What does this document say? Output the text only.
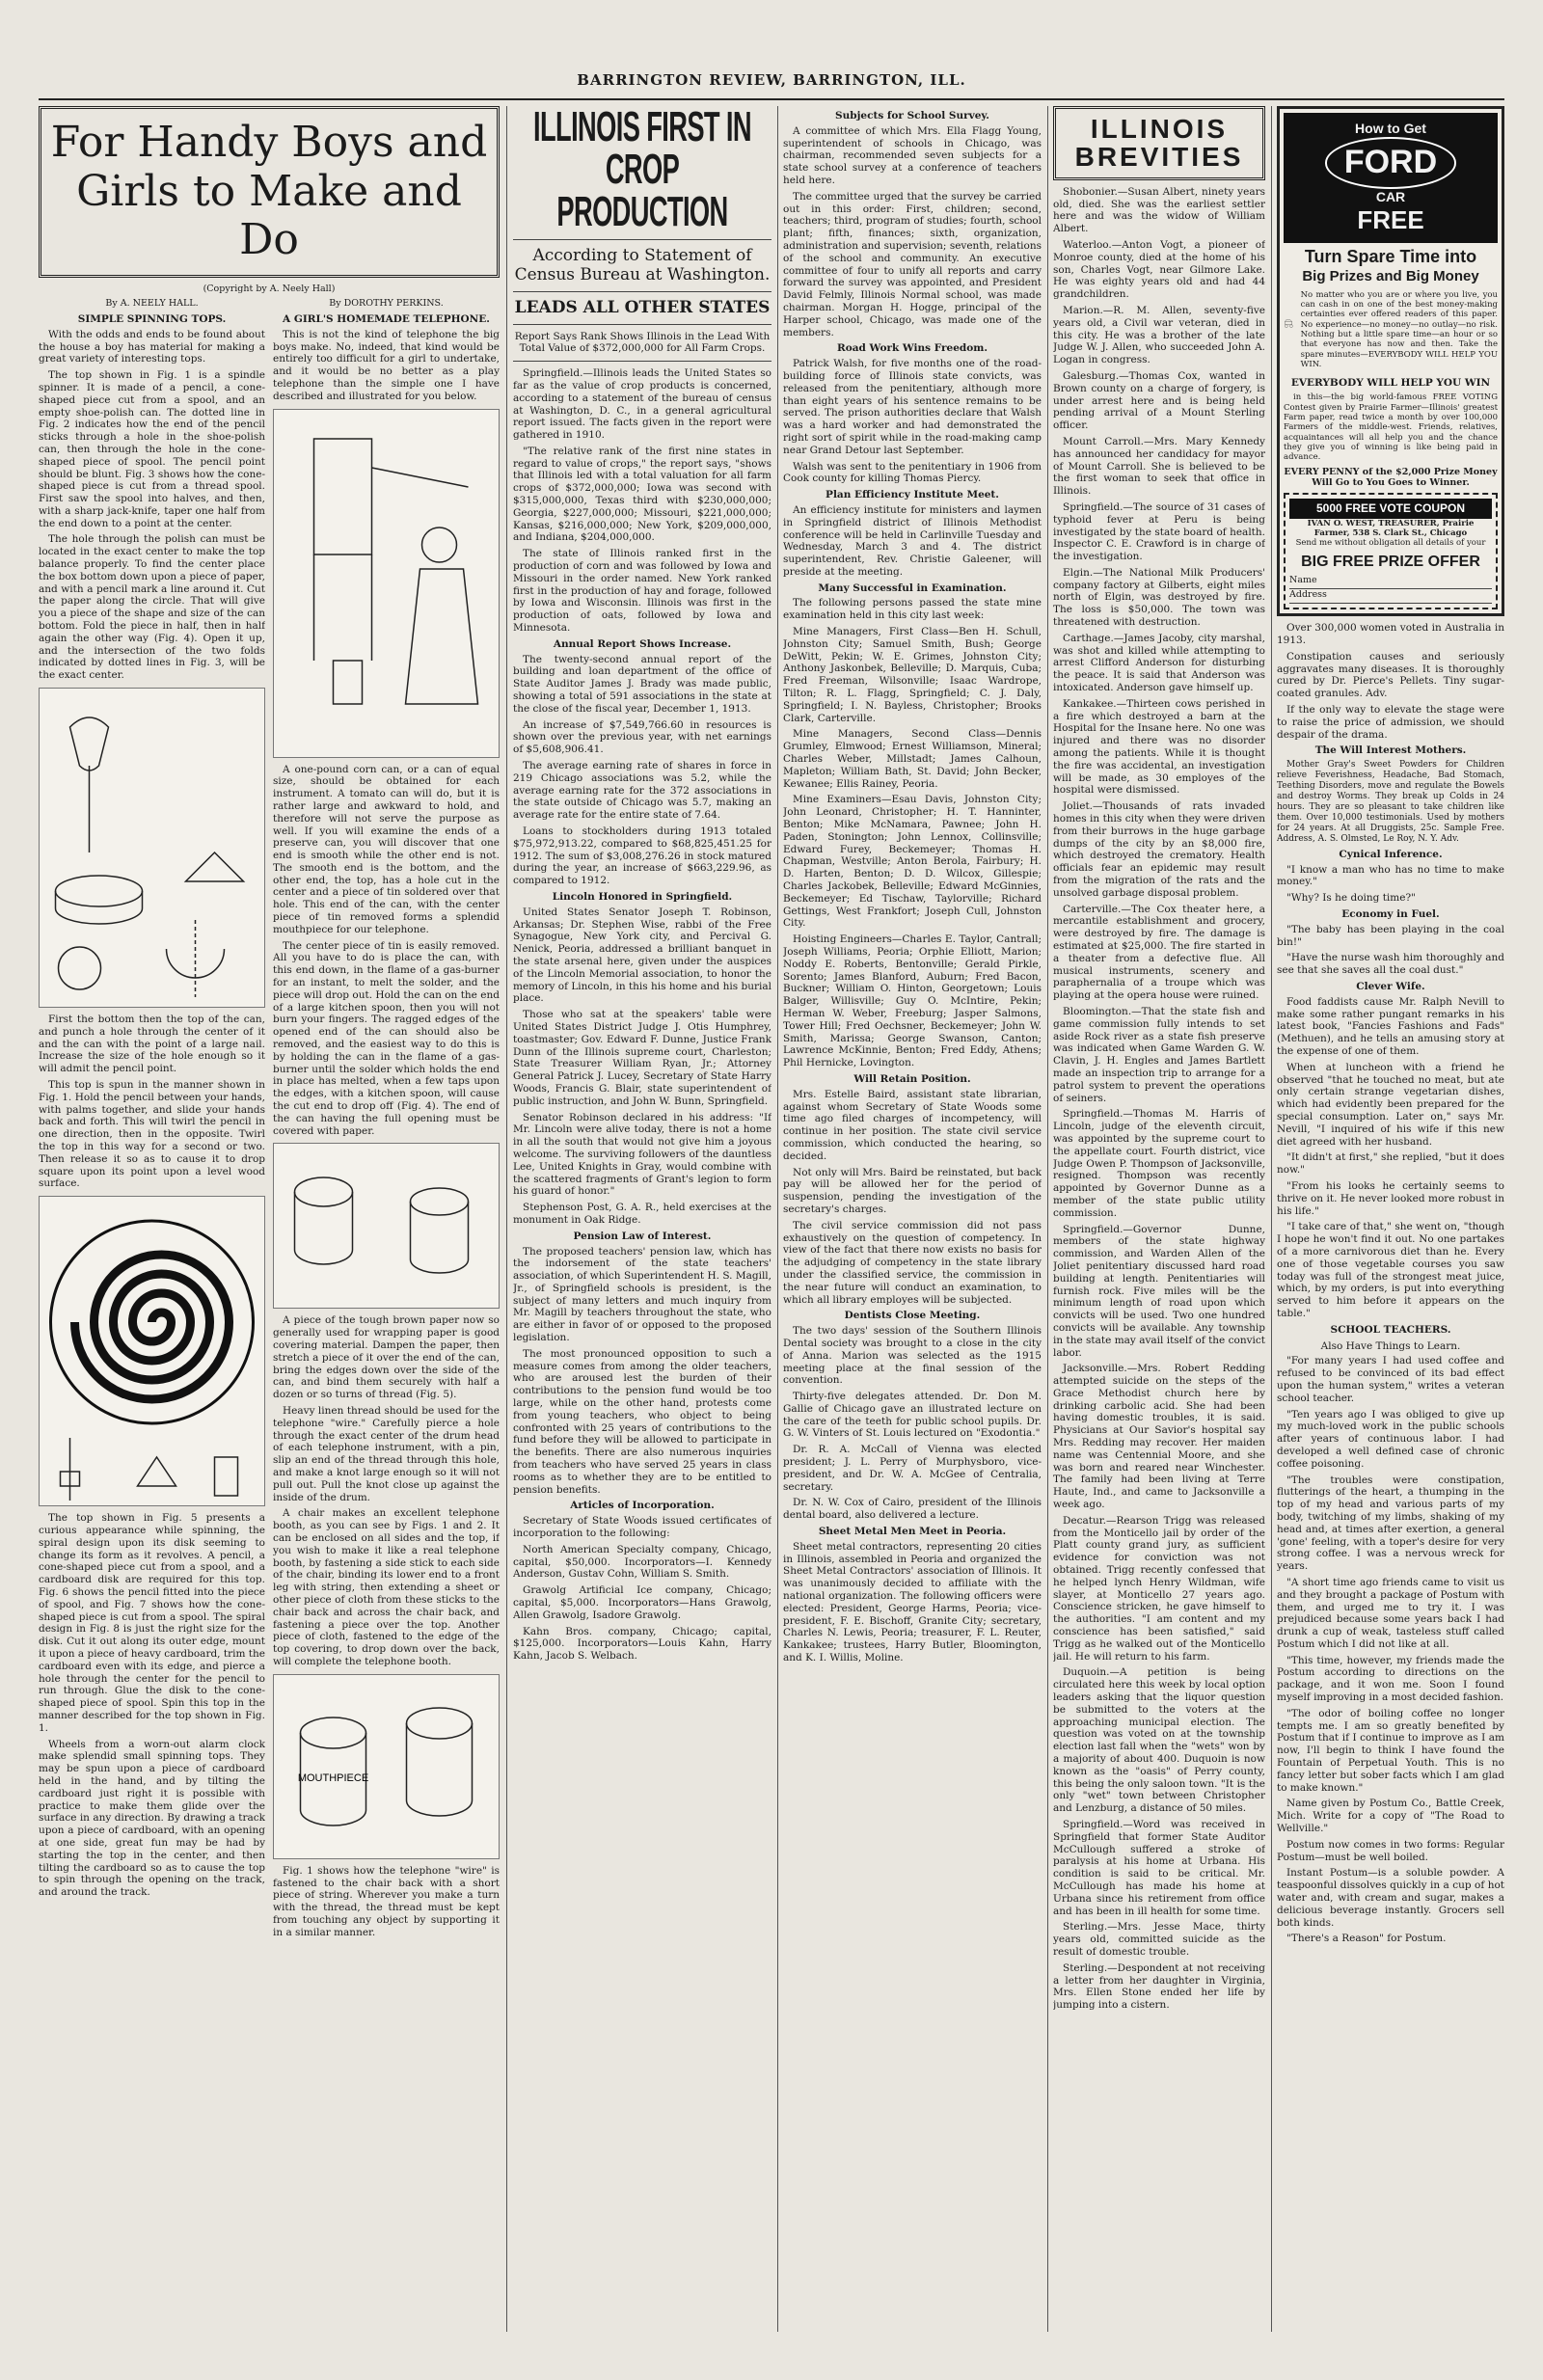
BARRINGTON REVIEW, BARRINGTON, ILL.
For Handy Boys and
Girls to Make and Do
(Copyright by A. Neely Hall)
By A. NEELY HALL.
SIMPLE SPINNING TOPS.

With the odds and ends to be found about the house a boy has material for making a great variety of interesting tops.

The top shown in Fig. 1 is a spindle spinner. It is made of a pencil, a cone-shaped piece cut from a spool, and an empty shoe-polish can. The dotted line in Fig. 2 indicates how the end of the pencil sticks through a hole in the shoe-polish can, then through the hole in the cone-shaped piece of spool. The pencil point should be blunt. Fig. 3 shows how the cone-shaped piece is cut from a thread spool. First saw the spool into halves, and then, with a sharp jack-knife, taper one half from the end down to a point at the center.

The hole through the polish can must be located in the exact center to make the top balance properly. To find the center place the box bottom down upon a piece of paper, and with a pencil mark a line around it. Cut the paper along the circle. That will give you a piece of the shape and size of the can bottom. Fold the piece in half, then in half again the other way (Fig. 4). Open it up, and the intersection of the two folds indicated by dotted lines in Fig. 3, will be the exact center.

First the bottom then the top of the can, and punch a hole through the center of it and the can with the point of a large nail. Increase the size of the hole enough so it will admit the pencil point.

This top is spun in the manner shown in Fig. 1. Hold the pencil between your hands, with palms together, and slide your hands back and forth. This will twirl the pencil in one direction, then in the opposite. Twirl the top in this way for a second or two. Then release it so as to cause it to drop square upon its point upon a level wood surface.

The top shown in Fig. 5 presents a curious appearance while spinning, the spiral design upon its disk seeming to change its form as it revolves. A pencil, a cone-shaped piece cut from a spool, and a cardboard disk are required for this top. Fig. 6 shows the pencil fitted into the piece of spool, and Fig. 7 shows how the cone-shaped piece is cut from a spool. The spiral design in Fig. 8 is just the right size for the disk. Cut it out along its outer edge, mount it upon a piece of heavy cardboard, trim the cardboard even with its edge, and pierce a hole through the center for the pencil to run through. Glue the disk to the cone-shaped piece of spool. Spin this top in the manner described for the top shown in Fig. 1.

Wheels from a worn-out alarm clock make splendid small spinning tops. They may be spun upon a piece of cardboard held in the hand, and by tilting the cardboard just right it is possible with practice to make them glide over the surface in any direction. By drawing a track upon a piece of cardboard, with an opening at one side, great fun may be had by starting the top in the center, and then tilting the cardboard so as to cause the top to spin through the opening on the track, and around the track.

By DOROTHY PERKINS.
A GIRL'S HOMEMADE TELEPHONE.

This is not the kind of telephone the big boys make. No, indeed, that kind would be entirely too difficult for a girl to undertake, and it would be no better as a play telephone than the simple one I have described and illustrated for you below.

A one-pound corn can, or a can of equal size, should be obtained for each instrument. A tomato can will do, but it is rather large and awkward to hold, and therefore will not serve the purpose as well. If you will examine the ends of a preserve can, you will discover that one end is smooth while the other end is not. The smooth end is the bottom, and the other end, the top, has a hole cut in the center and a piece of tin soldered over that hole. This end of the can, with the center piece of tin removed forms a splendid mouthpiece for our telephone.

The center piece of tin is easily removed. All you have to do is place the can, with this end down, in the flame of a gas-burner for an instant, to melt the solder, and the piece will drop out. Hold the can on the end of a large kitchen spoon, then you will not burn your fingers. The ragged edges of the opened end of the can should also be removed, and the easiest way to do this is by holding the can in the flame of a gas-burner until the solder which holds the end in place has melted, when a few taps upon the edges, with a kitchen spoon, will cause the cut end to drop off (Fig. 4). The end of the can having the full opening must be covered with paper.

A piece of the tough brown paper now so generally used for wrapping paper is good covering material. Dampen the paper, then stretch a piece of it over the end of the can, bring the edges down over the side of the can, and bind them securely with half a dozen or so turns of thread (Fig. 5).

Heavy linen thread should be used for the telephone "wire." Carefully pierce a hole through the exact center of the drum head of each telephone instrument, with a pin, slip an end of the thread through this hole, and make a knot large enough so it will not pull out. Pull the knot close up against the inside of the drum.

A chair makes an excellent telephone booth, as you can see by Figs. 1 and 2. It can be enclosed on all sides and the top, if you wish to make it like a real telephone booth, by fastening a side stick to each side of the chair, binding its lower end to a front leg with string, then extending a sheet or other piece of cloth from these sticks to the chair back and across the chair back, and fastening a piece over the top. Another piece of cloth, fastened to the edge of the top covering, to drop down over the back, will complete the telephone booth.

MOUTHPIECE

Fig. 1 shows how the telephone "wire" is fastened to the chair back with a short piece of string. Wherever you make a turn with the thread, the thread must be kept from touching any object by supporting it in a similar manner.

ILLINOIS FIRST IN
CROP PRODUCTION
According to Statement of Census Bureau at Washington.
LEADS ALL OTHER STATES
Report Says Rank Shows Illinois in the Lead With Total Value of $372,000,000 for All Farm Crops.

Springfield.—Illinois leads the United States so far as the value of crop products is concerned, according to a statement of the bureau of census at Washington, D. C., in a general agricultural report issued. The facts given in the report were gathered in 1910.

"The relative rank of the first nine states in regard to value of crops," the report says, "shows that Illinois led with a total valuation for all farm crops of $372,000,000; Iowa was second with $315,000,000, Texas third with $230,000,000; Georgia, $227,000,000; Missouri, $221,000,000; Kansas, $216,000,000; New York, $209,000,000, and Indiana, $204,000,000.

The state of Illinois ranked first in the production of corn and was followed by Iowa and Missouri in the order named. New York ranked first in the production of hay and forage, followed by Iowa and Wisconsin. Illinois was first in the production of oats, followed by Iowa and Minnesota.

Annual Report Shows Increase.

The twenty-second annual report of the building and loan department of the office of State Auditor James J. Brady was made public, showing a total of 591 associations in the state at the close of the fiscal year, December 1, 1913.

An increase of $7,549,766.60 in resources is shown over the previous year, with net earnings of $5,608,906.41.

The average earning rate of shares in force in 219 Chicago associations was 5.2, while the average earning rate for the 372 associations in the state outside of Chicago was 5.7, making an average rate for the entire state of 7.64.

Loans to stockholders during 1913 totaled $75,972,913.22, compared to $68,825,451.25 for 1912. The sum of $3,008,276.26 in stock matured during the year, an increase of $663,229.96, as compared to 1912.

Lincoln Honored in Springfield.

United States Senator Joseph T. Robinson, Arkansas; Dr. Stephen Wise, rabbi of the Free Synagogue, New York city, and Percival G. Nenick, Peoria, addressed a brilliant banquet in the state arsenal here, given under the auspices of the Lincoln Memorial association, to honor the memory of Lincoln, in this his home and his burial place.

Those who sat at the speakers' table were United States District Judge J. Otis Humphrey, toastmaster; Gov. Edward F. Dunne, Justice Frank Dunn of the Illinois supreme court, Charleston; State Treasurer William Ryan, Jr.; Attorney General Patrick J. Lucey, Secretary of State Harry Woods, Francis G. Blair, state superintendent of public instruction, and John W. Bunn, Springfield.

Senator Robinson declared in his address: "If Mr. Lincoln were alive today, there is not a home in all the south that would not give him a joyous welcome. The surviving followers of the dauntless Lee, United Knights in Gray, would combine with the scattered fragments of Grant's legion to form his guard of honor."

Stephenson Post, G. A. R., held exercises at the monument in Oak Ridge.

Pension Law of Interest.

The proposed teachers' pension law, which has the indorsement of the state teachers' association, of which Superintendent H. S. Magill, Jr., of Springfield schools is president, is the subject of many letters and much inquiry from Mr. Magill by teachers throughout the state, who are either in favor of or opposed to the proposed legislation.

The most pronounced opposition to such a measure comes from among the older teachers, who are aroused lest the burden of their contributions to the pension fund would be too large, while on the other hand, protests come from young teachers, who object to being confronted with 25 years of contributions to the fund before they will be allowed to participate in the benefits. There are also numerous inquiries from teachers who have served 25 years in class rooms as to whether they are to be entitled to pension benefits.

Articles of Incorporation.

Secretary of State Woods issued certificates of incorporation to the following:

North American Specialty company, Chicago, capital, $50,000. Incorporators—I. Kennedy Anderson, Gustav Cohn, William S. Smith.

Grawolg Artificial Ice company, Chicago; capital, $5,000. Incorporators—Hans Grawolg, Allen Grawolg, Isadore Grawolg.

Kahn Bros. company, Chicago; capital, $125,000. Incorporators—Louis Kahn, Harry Kahn, Jacob S. Welbach.

Subjects for School Survey.

A committee of which Mrs. Ella Flagg Young, superintendent of schools in Chicago, was chairman, recommended seven subjects for a state school survey at a conference of teachers held here.

The committee urged that the survey be carried out in this order: First, children; second, teachers; third, program of studies; fourth, school plant; fifth, finances; sixth, organization, administration and supervision; seventh, relations of the school and community. An executive committee of four to unify all reports and carry forward the survey was appointed, and President David Felmly, Illinois Normal school, was made chairman. Morgan H. Hogge, principal of the Harper school, Chicago, was made one of the members.

Road Work Wins Freedom.

Patrick Walsh, for five months one of the road-building force of Illinois state convicts, was released from the penitentiary, although more than eight years of his sentence remains to be served. The prison authorities declare that Walsh was a hard worker and had demonstrated the right sort of spirit while in the road-making camp near Grand Detour last September.

Walsh was sent to the penitentiary in 1906 from Cook county for killing Thomas Piercy.

Plan Efficiency Institute Meet.

An efficiency institute for ministers and laymen in Springfield district of Illinois Methodist conference will be held in Carlinville Tuesday and Wednesday, March 3 and 4. The district superintendent, Rev. Christie Galeener, will preside at the meeting.

Many Successful in Examination.

The following persons passed the state mine examination held in this city last week:

Mine Managers, First Class—Ben H. Schull, Johnston City; Samuel Smith, Bush; George DeWitt, Pekin; W. E. Grimes, Johnston City; Anthony Jaskonbek, Belleville; D. Marquis, Cuba; Fred Freeman, Wilsonville; Isaac Wardrope, Tilton; R. L. Flagg, Springfield; C. J. Daly, Springfield; I. N. Bayless, Christopher; Brooks Clark, Carterville.

Mine Managers, Second Class—Dennis Grumley, Elmwood; Ernest Williamson, Mineral; Charles Weber, Millstadt; James Calhoun, Mapleton; William Bath, St. David; John Becker, Kewanee; Ellis Rainey, Peoria.

Mine Examiners—Esau Davis, Johnston City; John Leonard, Christopher; H. T. Hanninter, Benton; Mike McNamara, Pawnee; John H. Paden, Stonington; John Lennox, Collinsville; Edward Furey, Beckemeyer; Thomas H. Chapman, Westville; Anton Berola, Fairbury; H. D. Harten, Benton; D. D. Wilcox, Gillespie; Charles Jackobek, Belleville; Edward McGinnies, Beckemeyer; Ed Tischaw, Taylorville; Richard Gettings, West Frankfort; Joseph Cull, Johnston City.

Hoisting Engineers—Charles E. Taylor, Cantrall; Joseph Williams, Peoria; Orphie Elliott, Marion; Noddy E. Roberts, Bentonville; Gerald Pirkle, Sorento; James Blanford, Auburn; Fred Bacon, Buckner; William O. Hinton, Georgetown; Louis Balger, Willisville; Guy O. McIntire, Pekin; Herman W. Weber, Freeburg; Jasper Salmons, Tower Hill; Fred Oechsner, Beckemeyer; John W. Smith, Marissa; George Swanson, Canton; Lawrence McKinnie, Benton; Fred Eddy, Athens; Phil Hernicke, Lovington.

Will Retain Position.

Mrs. Estelle Baird, assistant state librarian, against whom Secretary of State Woods some time ago filed charges of incompetency, will continue in her position. The state civil service commission, which conducted the hearing, so decided.

Not only will Mrs. Baird be reinstated, but back pay will be allowed her for the period of suspension, pending the investigation of the secretary's charges.

The civil service commission did not pass exhaustively on the question of competency. In view of the fact that there now exists no basis for the adjudging of competency in the state library under the classified service, the commission in the near future will conduct an examination, to which all library employes will be subjected.

Dentists Close Meeting.

The two days' session of the Southern Illinois Dental society was brought to a close in the city of Anna. Marion was selected as the 1915 meeting place at the final session of the convention.

Thirty-five delegates attended. Dr. Don M. Gallie of Chicago gave an illustrated lecture on the care of the teeth for public school pupils. Dr. G. W. Vinters of St. Louis lectured on "Exodontia."

Dr. R. A. McCall of Vienna was elected president; J. L. Perry of Murphysboro, vice-president, and Dr. W. A. McGee of Centralia, secretary.

Dr. N. W. Cox of Cairo, president of the Illinois dental board, also delivered a lecture.

Sheet Metal Men Meet in Peoria.

Sheet metal contractors, representing 20 cities in Illinois, assembled in Peoria and organized the Sheet Metal Contractors' association of Illinois. It was unanimously decided to affiliate with the national organization. The following officers were elected: President, George Harms, Peoria; vice-president, F. E. Bischoff, Granite City; secretary, Charles N. Lewis, Peoria; treasurer, F. L. Reuter, Kankakee; trustees, Harry Butler, Bloomington, and K. I. Willis, Moline.

ILLINOIS
BREVITIES

Shobonier.—Susan Albert, ninety years old, died. She was the earliest settler here and was the widow of William Albert.

Waterloo.—Anton Vogt, a pioneer of Monroe county, died at the home of his son, Charles Vogt, near Gilmore Lake. He was eighty years old and had 44 grandchildren.

Marion.—R. M. Allen, seventy-five years old, a Civil war veteran, died in this city. He was a brother of the late Judge W. J. Allen, who succeeded John A. Logan in congress.

Galesburg.—Thomas Cox, wanted in Brown county on a charge of forgery, is under arrest here and is being held pending arrival of a Mount Sterling officer.

Mount Carroll.—Mrs. Mary Kennedy has announced her candidacy for mayor of Mount Carroll. She is believed to be the first woman to seek that office in Illinois.

Springfield.—The source of 31 cases of typhoid fever at Peru is being investigated by the state board of health. Inspector C. E. Crawford is in charge of the investigation.

Elgin.—The National Milk Producers' company factory at Gilberts, eight miles north of Elgin, was destroyed by fire. The loss is $50,000. The town was threatened with destruction.

Carthage.—James Jacoby, city marshal, was shot and killed while attempting to arrest Clifford Anderson for disturbing the peace. It is said that Anderson was intoxicated. Anderson gave himself up.

Kankakee.—Thirteen cows perished in a fire which destroyed a barn at the Hospital for the Insane here. No one was injured and there was no disorder among the patients. While it is thought the fire was accidental, an investigation will be made, as 30 employes of the hospital were dismissed.

Joliet.—Thousands of rats invaded homes in this city when they were driven from their burrows in the huge garbage dumps of the city by an $8,000 fire, which destroyed the crematory. Health officials fear an epidemic may result from the migration of the rats and the unsolved garbage disposal problem.

Carterville.—The Cox theater here, a mercantile establishment and grocery, were destroyed by fire. The damage is estimated at $25,000. The fire started in a theater from a defective flue. All musical instruments, scenery and paraphernalia of a troupe which was playing at the opera house were ruined.

Bloomington.—That the state fish and game commission fully intends to set aside Rock river as a state fish preserve was indicated when Game Warden G. W. Clavin, J. H. Engles and James Bartlett made an inspection trip to arrange for a patrol system to prevent the operations of seiners.

Springfield.—Thomas M. Harris of Lincoln, judge of the eleventh circuit, was appointed by the supreme court to the appellate court. Fourth district, vice Judge Owen P. Thompson of Jacksonville, resigned. Thompson was recently appointed by Governor Dunne as a member of the state public utility commission.

Springfield.—Governor Dunne, members of the state highway commission, and Warden Allen of the Joliet penitentiary discussed hard road building at length. Penitentiaries will furnish rock. Five miles will be the minimum length of road upon which convicts will be used. Two one hundred convicts will be available. Any township in the state may avail itself of the convict labor.

Jacksonville.—Mrs. Robert Redding attempted suicide on the steps of the Grace Methodist church here by drinking carbolic acid. She had been having domestic troubles, it is said. Physicians at Our Savior's hospital say Mrs. Redding may recover. Her maiden name was Centennial Moore, and she was born and reared near Winchester. The family had been living at Terre Haute, Ind., and came to Jacksonville a week ago.

Decatur.—Rearson Trigg was released from the Monticello jail by order of the Platt county grand jury, as sufficient evidence for conviction was not obtained. Trigg recently confessed that he helped lynch Henry Wildman, wife slayer, at Monticello 27 years ago. Conscience stricken, he gave himself to the authorities. "I am content and my conscience has been satisfied," said Trigg as he walked out of the Monticello jail. He will return to his farm.

Duquoin.—A petition is being circulated here this week by local option leaders asking that the liquor question be submitted to the voters at the approaching municipal election. The question was voted on at the township election last fall when the "wets" won by a majority of about 400. Duquoin is now known as the "oasis" of Perry county, this being the only saloon town. "It is the only "wet" town between Christopher and Lenzburg, a distance of 50 miles.

Springfield.—Word was received in Springfield that former State Auditor McCullough suffered a stroke of paralysis at his home at Urbana. His condition is said to be critical. Mr. McCullough has made his home at Urbana since his retirement from office and has been in ill health for some time.

Sterling.—Mrs. Jesse Mace, thirty years old, committed suicide as the result of domestic trouble.

Sterling.—Despondent at not receiving a letter from her daughter in Virginia, Mrs. Ellen Stone ended her life by jumping into a cistern.

How to Get
FORD
CAR
FREE
Turn Spare Time into
Big Prizes and Big Money

No matter who you are or where you live, you can cash in on one of the best money-making certainties ever offered readers of this paper. No experience—no money—no outlay—no risk. Nothing but a little spare time—an hour or so that everyone has now and then. Take the spare minutes—EVERYBODY WILL HELP YOU WIN.

EVERYBODY WILL HELP YOU WIN

in this—the big world-famous FREE VOTING Contest given by Prairie Farmer—Illinois' greatest Farm paper, read twice a month by over 100,000 Farmers of the middle-west. Friends, relatives, acquaintances will all help you and the chance they give you of winning is like being paid in advance.

EVERY PENNY of the $2,000 Prize Money Will Go to You Goes to Winner.
5000 FREE VOTE COUPON
IVAN O. WEST, TREASURER, Prairie Farmer, 538 S. Clark St., Chicago
Send me without obligation all details of your
BIG FREE PRIZE OFFER
Name
Address

Over 300,000 women voted in Australia in 1913.

Constipation causes and seriously aggravates many diseases. It is thoroughly cured by Dr. Pierce's Pellets. Tiny sugar-coated granules. Adv.

If the only way to elevate the stage were to raise the price of admission, we should despair of the drama.

The Will Interest Mothers.

Mother Gray's Sweet Powders for Children relieve Feverishness, Headache, Bad Stomach, Teething Disorders, move and regulate the Bowels and destroy Worms. They break up Colds in 24 hours. They are so pleasant to take children like them. Over 10,000 testimonials. Used by mothers for 24 years. At all Druggists, 25c. Sample Free. Address, A. S. Olmsted, Le Roy, N. Y. Adv.

Cynical Inference.

"I know a man who has no time to make money."

"Why? Is he doing time?"

Economy in Fuel.

"The baby has been playing in the coal bin!"

"Have the nurse wash him thoroughly and see that she saves all the coal dust."

Clever Wife.

Food faddists cause Mr. Ralph Nevill to make some rather pungant remarks in his latest book, "Fancies Fashions and Fads" (Methuen), and he tells an amusing story at the expense of one of them.

When at luncheon with a friend he observed "that he touched no meat, but ate only certain strange vegetarian dishes, which had evidently been prepared for the special consumption. Later on," says Mr. Nevill, "I inquired of his wife if this new diet agreed with her husband.

"It didn't at first," she replied, "but it does now."

"From his looks he certainly seems to thrive on it. He never looked more robust in his life."

"I take care of that," she went on, "though I hope he won't find it out. No one partakes of a more carnivorous diet than he. Every one of those vegetable courses you saw today was full of the strongest meat juice, which, by my orders, is put into everything served to him before it appears on the table."

SCHOOL TEACHERS.
Also Have Things to Learn.

"For many years I had used coffee and refused to be convinced of its bad effect upon the human system," writes a veteran school teacher.

"Ten years ago I was obliged to give up my much-loved work in the public schools after years of continuous labor. I had developed a well defined case of chronic coffee poisoning.

"The troubles were constipation, flutterings of the heart, a thumping in the top of my head and various parts of my body, twitching of my limbs, shaking of my head and, at times after exertion, a general 'gone' feeling, with a toper's desire for very strong coffee. I was a nervous wreck for years.

"A short time ago friends came to visit us and they brought a package of Postum with them, and urged me to try it. I was prejudiced because some years back I had drunk a cup of weak, tasteless stuff called Postum which I did not like at all.

"This time, however, my friends made the Postum according to directions on the package, and it won me. Soon I found myself improving in a most decided fashion.

"The odor of boiling coffee no longer tempts me. I am so greatly benefited by Postum that if I continue to improve as I am now, I'll begin to think I have found the Fountain of Perpetual Youth. This is no fancy letter but sober facts which I am glad to make known."

Name given by Postum Co., Battle Creek, Mich. Write for a copy of "The Road to Wellville."

Postum now comes in two forms: Regular Postum—must be well boiled.

Instant Postum—is a soluble powder. A teaspoonful dissolves quickly in a cup of hot water and, with cream and sugar, makes a delicious beverage instantly. Grocers sell both kinds.

"There's a Reason" for Postum.
